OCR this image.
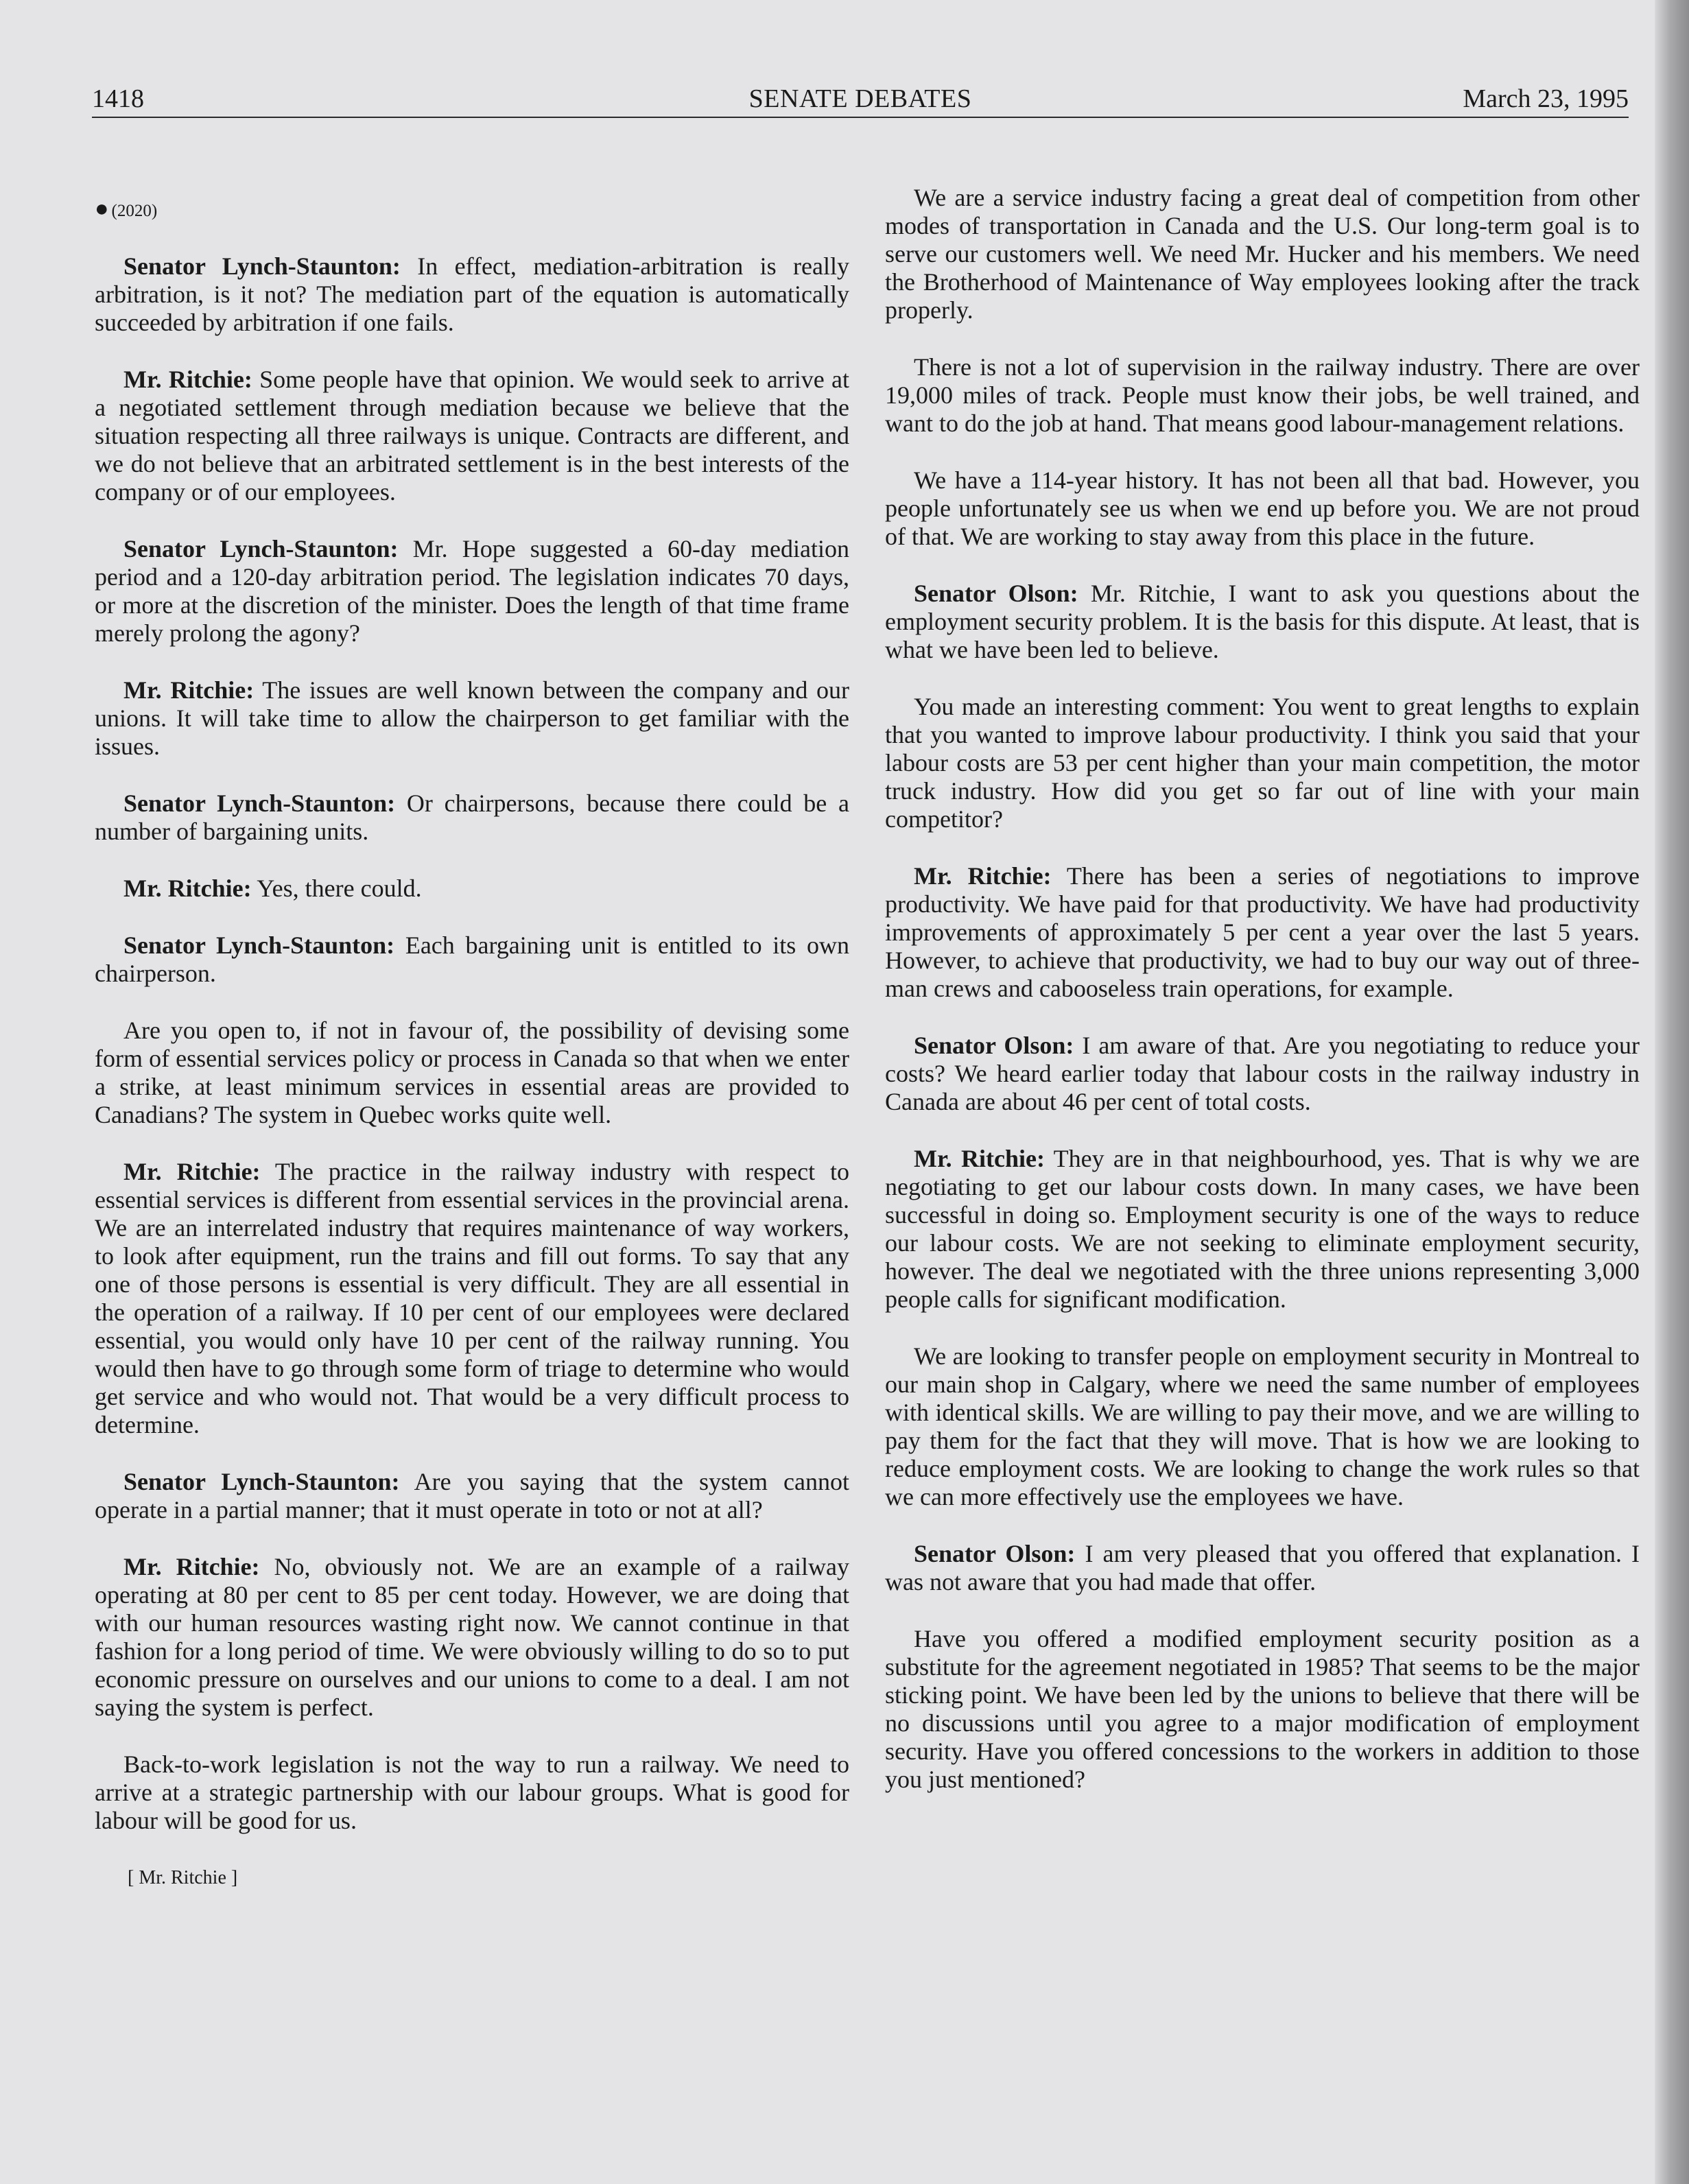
1418	SENATE DEBATES	March 23, 1995
● (2020)

Senator Lynch-Staunton: In effect, mediation-arbitration is really arbitration, is it not? The mediation part of the equation is automatically succeeded by arbitration if one fails.

Mr. Ritchie: Some people have that opinion. We would seek to arrive at a negotiated settlement through mediation because we believe that the situation respecting all three railways is unique. Contracts are different, and we do not believe that an arbitrated settlement is in the best interests of the company or of our employees.

Senator Lynch-Staunton: Mr. Hope suggested a 60-day mediation period and a 120-day arbitration period. The legislation indicates 70 days, or more at the discretion of the minister. Does the length of that time frame merely prolong the agony?

Mr. Ritchie: The issues are well known between the company and our unions. It will take time to allow the chairperson to get familiar with the issues.

Senator Lynch-Staunton: Or chairpersons, because there could be a number of bargaining units.

Mr. Ritchie: Yes, there could.

Senator Lynch-Staunton: Each bargaining unit is entitled to its own chairperson.

Are you open to, if not in favour of, the possibility of devising some form of essential services policy or process in Canada so that when we enter a strike, at least minimum services in essential areas are provided to Canadians? The system in Quebec works quite well.

Mr. Ritchie: The practice in the railway industry with respect to essential services is different from essential services in the provincial arena. We are an interrelated industry that requires maintenance of way workers, to look after equipment, run the trains and fill out forms. To say that any one of those persons is essential is very difficult. They are all essential in the operation of a railway. If 10 per cent of our employees were declared essential, you would only have 10 per cent of the railway running. You would then have to go through some form of triage to determine who would get service and who would not. That would be a very difficult process to determine.

Senator Lynch-Staunton: Are you saying that the system cannot operate in a partial manner; that it must operate in toto or not at all?

Mr. Ritchie: No, obviously not. We are an example of a railway operating at 80 per cent to 85 per cent today. However, we are doing that with our human resources wasting right now. We cannot continue in that fashion for a long period of time. We were obviously willing to do so to put economic pressure on ourselves and our unions to come to a deal. I am not saying the system is perfect.

Back-to-work legislation is not the way to run a railway. We need to arrive at a strategic partnership with our labour groups. What is good for labour will be good for us.

[ Mr. Ritchie ]

We are a service industry facing a great deal of competition from other modes of transportation in Canada and the U.S. Our long-term goal is to serve our customers well. We need Mr. Hucker and his members. We need the Brotherhood of Maintenance of Way employees looking after the track properly.

There is not a lot of supervision in the railway industry. There are over 19,000 miles of track. People must know their jobs, be well trained, and want to do the job at hand. That means good labour-management relations.

We have a 114-year history. It has not been all that bad. However, you people unfortunately see us when we end up before you. We are not proud of that. We are working to stay away from this place in the future.

Senator Olson: Mr. Ritchie, I want to ask you questions about the employment security problem. It is the basis for this dispute. At least, that is what we have been led to believe.

You made an interesting comment: You went to great lengths to explain that you wanted to improve labour productivity. I think you said that your labour costs are 53 per cent higher than your main competition, the motor truck industry. How did you get so far out of line with your main competitor?

Mr. Ritchie: There has been a series of negotiations to improve productivity. We have paid for that productivity. We have had productivity improvements of approximately 5 per cent a year over the last 5 years. However, to achieve that productivity, we had to buy our way out of three-man crews and cabooseless train operations, for example.

Senator Olson: I am aware of that. Are you negotiating to reduce your costs? We heard earlier today that labour costs in the railway industry in Canada are about 46 per cent of total costs.

Mr. Ritchie: They are in that neighbourhood, yes. That is why we are negotiating to get our labour costs down. In many cases, we have been successful in doing so. Employment security is one of the ways to reduce our labour costs. We are not seeking to eliminate employment security, however. The deal we negotiated with the three unions representing 3,000 people calls for significant modification.

We are looking to transfer people on employment security in Montreal to our main shop in Calgary, where we need the same number of employees with identical skills. We are willing to pay their move, and we are willing to pay them for the fact that they will move. That is how we are looking to reduce employment costs. We are looking to change the work rules so that we can more effectively use the employees we have.

Senator Olson: I am very pleased that you offered that explanation. I was not aware that you had made that offer.

Have you offered a modified employment security position as a substitute for the agreement negotiated in 1985? That seems to be the major sticking point. We have been led by the unions to believe that there will be no discussions until you agree to a major modification of employment security. Have you offered concessions to the workers in addition to those you just mentioned?
